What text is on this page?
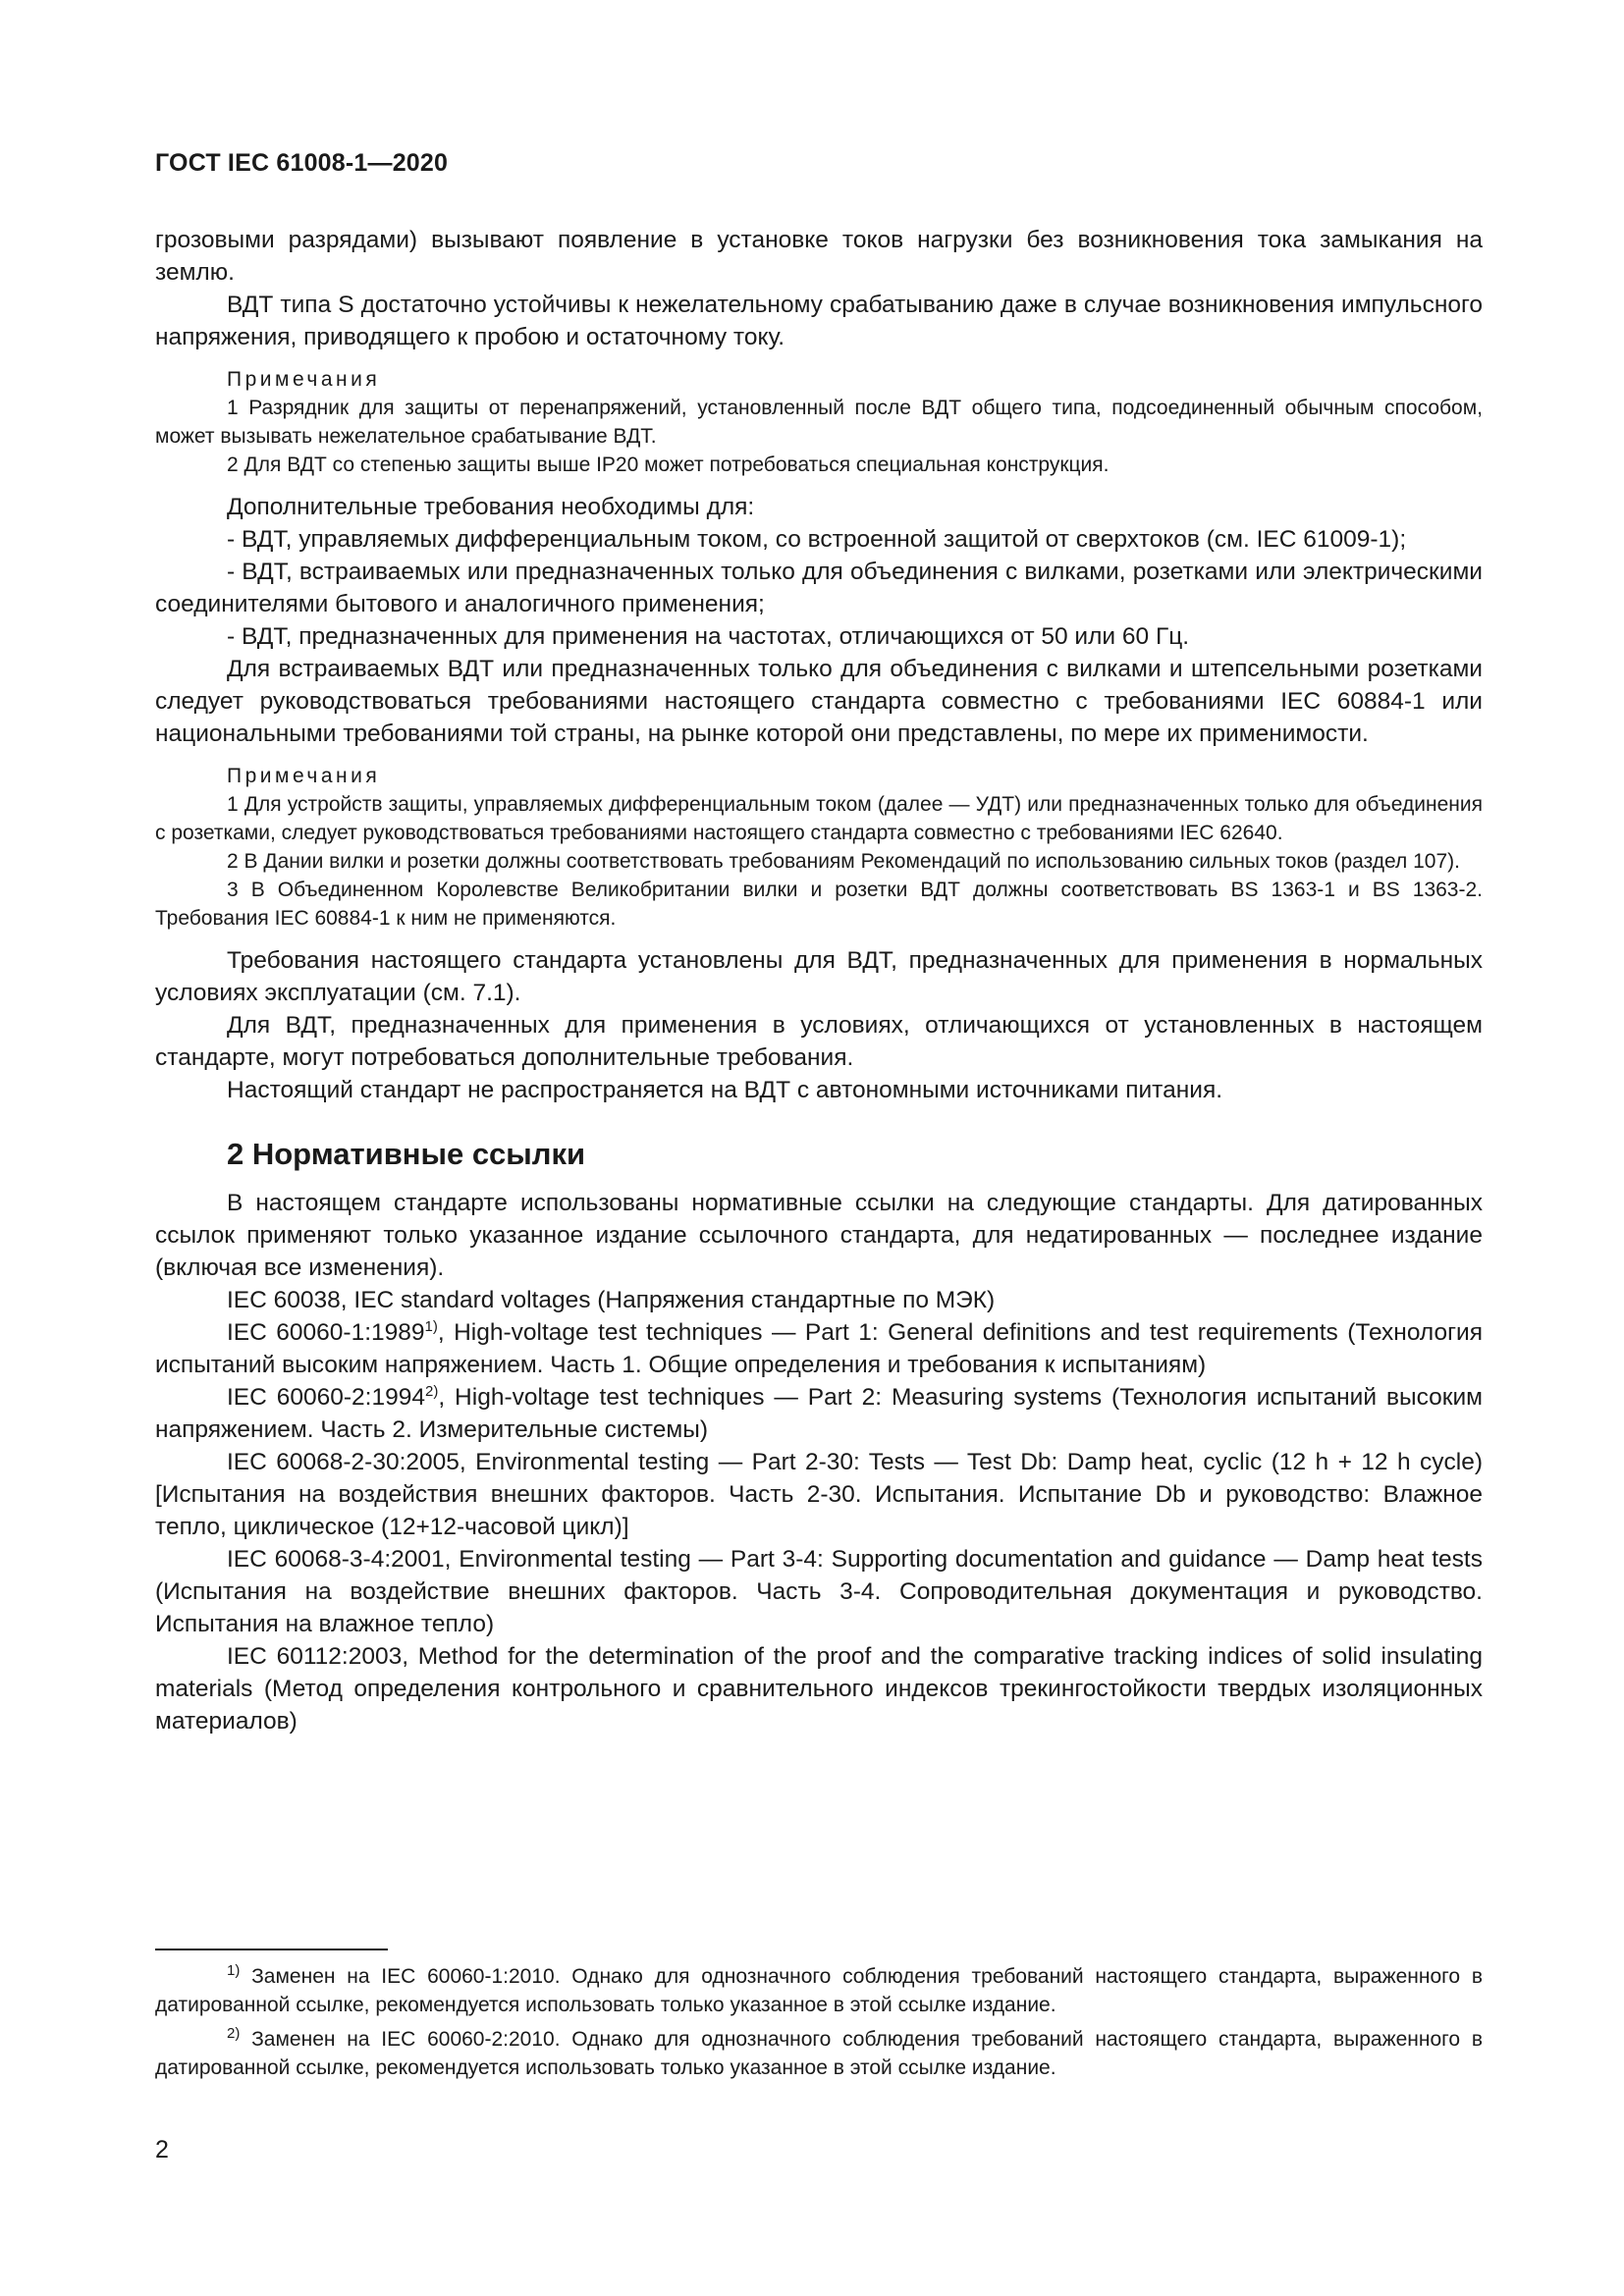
ГОСТ IEC 61008-1—2020

грозовыми разрядами) вызывают появление в установке токов нагрузки без возникновения тока замыкания на землю.

ВДТ типа S достаточно устойчивы к нежелательному срабатыванию даже в случае возникновения импульсного напряжения, приводящего к пробою и остаточному току.

Примечания

1 Разрядник для защиты от перенапряжений, установленный после ВДТ общего типа, подсоединенный обычным способом, может вызывать нежелательное срабатывание ВДТ.

2 Для ВДТ со степенью защиты выше IP20 может потребоваться специальная конструкция.

Дополнительные требования необходимы для:

- ВДТ, управляемых дифференциальным током, со встроенной защитой от сверхтоков (см. IEC 61009-1);

- ВДТ, встраиваемых или предназначенных только для объединения с вилками, розетками или электрическими соединителями бытового и аналогичного применения;

- ВДТ, предназначенных для применения на частотах, отличающихся от 50 или 60 Гц.

Для встраиваемых ВДТ или предназначенных только для объединения с вилками и штепсельными розетками следует руководствоваться требованиями настоящего стандарта совместно с требованиями IEC 60884-1 или национальными требованиями той страны, на рынке которой они представлены, по мере их применимости.

Примечания

1 Для устройств защиты, управляемых дифференциальным током (далее — УДТ) или предназначенных только для объединения с розетками, следует руководствоваться требованиями настоящего стандарта совместно с требованиями IEC 62640.

2 В Дании вилки и розетки должны соответствовать требованиям Рекомендаций по использованию сильных токов (раздел 107).

3 В Объединенном Королевстве Великобритании вилки и розетки ВДТ должны соответствовать BS 1363-1 и BS 1363-2. Требования IEC 60884-1 к ним не применяются.

Требования настоящего стандарта установлены для ВДТ, предназначенных для применения в нормальных условиях эксплуатации (см. 7.1).

Для ВДТ, предназначенных для применения в условиях, отличающихся от установленных в настоящем стандарте, могут потребоваться дополнительные требования.

Настоящий стандарт не распространяется на ВДТ с автономными источниками питания.

2 Нормативные ссылки

В настоящем стандарте использованы нормативные ссылки на следующие стандарты. Для датированных ссылок применяют только указанное издание ссылочного стандарта, для недатированных — последнее издание (включая все изменения).

IEC 60038, IEC standard voltages (Напряжения стандартные по МЭК)

IEC 60060-1:1989$^{1)}$, High-voltage test techniques — Part 1: General definitions and test requirements (Технология испытаний высоким напряжением. Часть 1. Общие определения и требования к испытаниям)

IEC 60060-2:1994$^{2)}$, High-voltage test techniques — Part 2: Measuring systems (Технология испытаний высоким напряжением. Часть 2. Измерительные системы)

IEC 60068-2-30:2005, Environmental testing — Part 2-30: Tests — Test Db: Damp heat, cyclic (12 h + 12 h cycle) [Испытания на воздействия внешних факторов. Часть 2-30. Испытания. Испытание Db и руководство: Влажное тепло, циклическое (12+12-часовой цикл)]

IEC 60068-3-4:2001, Environmental testing — Part 3-4: Supporting documentation and guidance — Damp heat tests (Испытания на воздействие внешних факторов. Часть 3-4. Сопроводительная документация и руководство. Испытания на влажное тепло)

IEC 60112:2003, Method for the determination of the proof and the comparative tracking indices of solid insulating materials (Метод определения контрольного и сравнительного индексов трекингостойкости твердых изоляционных материалов)

$^{1)}$ Заменен на IEC 60060-1:2010. Однако для однозначного соблюдения требований настоящего стандарта, выраженного в датированной ссылке, рекомендуется использовать только указанное в этой ссылке издание.

$^{2)}$ Заменен на IEC 60060-2:2010. Однако для однозначного соблюдения требований настоящего стандарта, выраженного в датированной ссылке, рекомендуется использовать только указанное в этой ссылке издание.

2
